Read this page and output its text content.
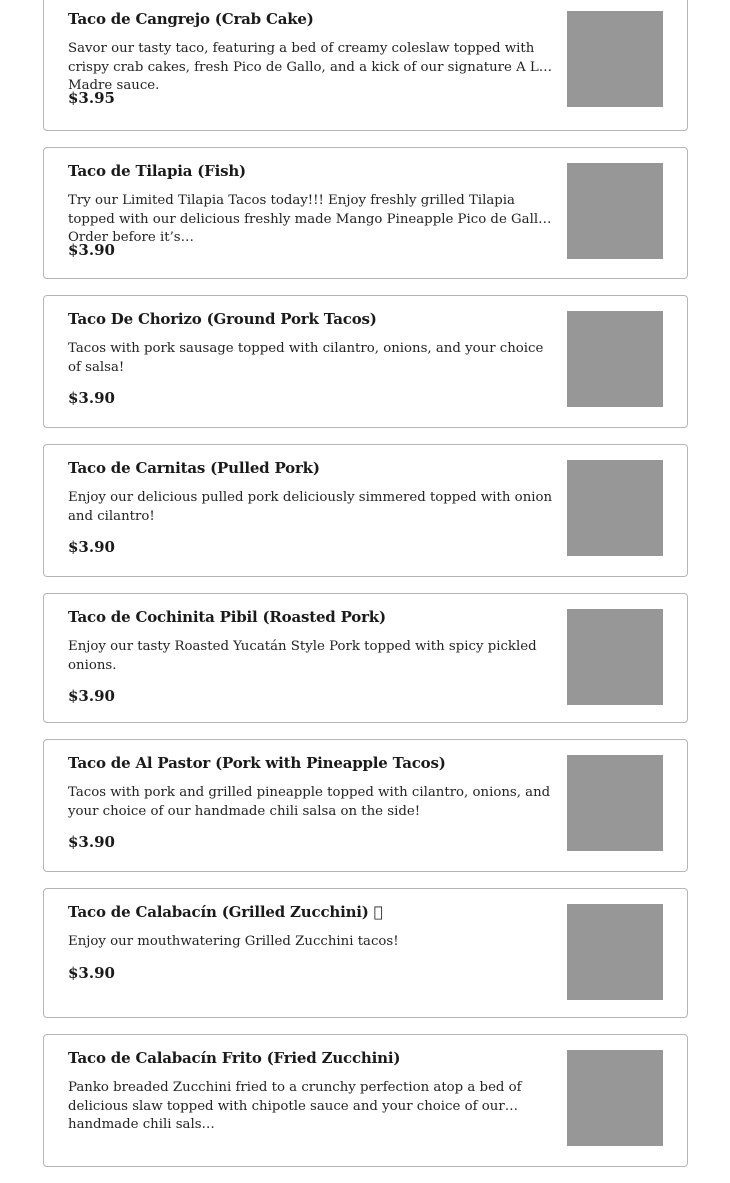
Taco de Cangrejo (Crab Cake)

Savor our tasty taco, featuring a bed of creamy coleslaw topped with crispy crab cakes, fresh Pico de Gallo, and a kick of our signature A La Madre sauce.

$3.95

Taco de Tilapia (Fish)

Try our Limited Tilapia Tacos today!!! Enjoy freshly grilled Tilapia topped with our delicious freshly made Mango Pineapple Pico de Gallo? Order before it’s…

$3.90

Taco De Chorizo (Ground Pork Tacos)

Tacos with pork sausage topped with cilantro, onions, and your choice of salsa!

$3.90

Taco de Carnitas (Pulled Pork)

Enjoy our delicious pulled pork deliciously simmered topped with onion and cilantro!

$3.90

Taco de Cochinita Pibil (Roasted Pork)

Enjoy our tasty Roasted Yucatán Style Pork topped with spicy pickled onions.

$3.90

Taco de Al Pastor (Pork with Pineapple Tacos)

Tacos with pork and grilled pineapple topped with cilantro, onions, and your choice of our handmade chili salsa on the side!

$3.90

Taco de Calabacín (Grilled Zucchini) ￿

Enjoy our mouthwatering Grilled Zucchini tacos!

$3.90

Taco de Calabacín Frito (Fried Zucchini)

Panko breaded Zucchini fried to a crunchy perfection atop a bed of delicious slaw topped with chipotle sauce and your choice of our handmade chili sals…
